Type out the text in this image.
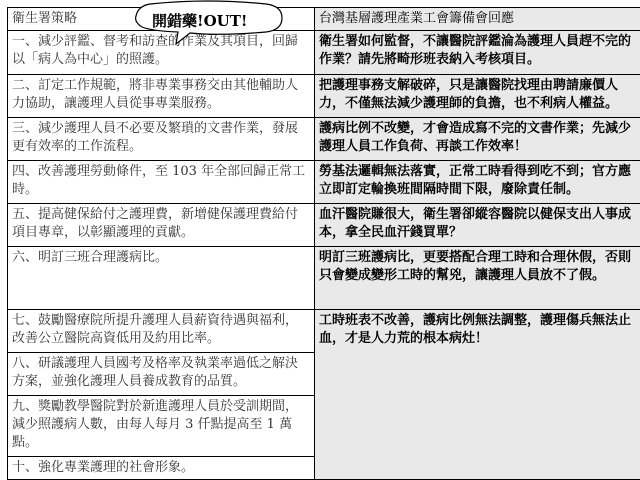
衛生署策略	台灣基層護理產業工會籌備會回應
一、減少評鑑、督考和訪查的作業及其項目，回歸以「病人為中心」的照護。	衛生署如何監督，不讓醫院評鑑淪為護理人員趕不完的作業？請先將畸形班表納入考核項目。
二、訂定工作規範，將非專業事務交由其他輔助人力協助，讓護理人員從事專業服務。	把護理事務支解破碎，只是讓醫院找理由聘請廉價人力，不僅無法減少護理師的負擔，也不利病人權益。
三、減少護理人員不必要及繁瑣的文書作業，發展更有效率的工作流程。	護病比例不改變，才會造成寫不完的文書作業；先減少護理人員工作負荷、再談工作效率！
四、改善護理勞動條件，至 103 年全部回歸正常工時。	勞基法邏輯無法落實，正常工時看得到吃不到；官方應立即訂定輪換班間隔時間下限，廢除責任制。
五、提高健保給付之護理費，新增健保護理費給付項目專章，以彰顯護理的貢獻。	血汗醫院賺很大，衛生署卻縱容醫院以健保支出人事成本，拿全民血汗錢買單？
六、明訂三班合理護病比。	明訂三班護病比，更要搭配合理工時和合理休假，否則只會變成變形工時的幫兇，讓護理人員放不了假。
七、鼓勵醫療院所提升護理人員薪資待遇與福利，改善公立醫院高資低用及約用比率。	工時班表不改善，護病比例無法調整，護理傷兵無法止血，才是人力荒的根本病灶！
八、研議護理人員國考及格率及執業率過低之解決方案，並強化護理人員養成教育的品質。	
九、獎勵教學醫院對於新進護理人員於受訓期間，減少照護病人數，由每人每月 3 仟點提高至 1 萬點。	
十、強化專業護理的社會形象。	
開錯藥!OUT!
